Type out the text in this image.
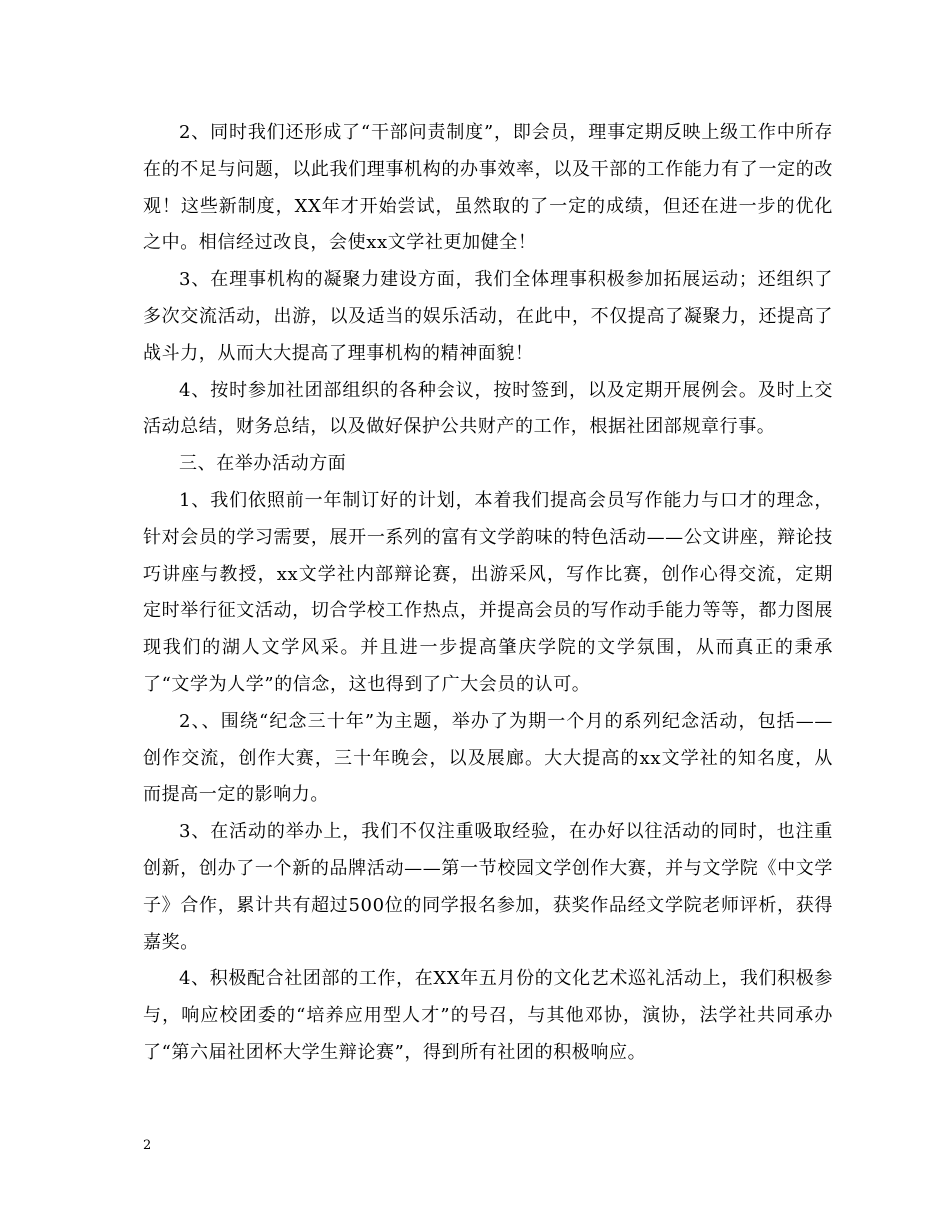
2、同时我们还形成了“干部问责制度”，即会员，理事定期反映上级工作中所存在的不足与问题，以此我们理事机构的办事效率，以及干部的工作能力有了一定的改观！这些新制度，XX年才开始尝试，虽然取的了一定的成绩，但还在进一步的优化之中。相信经过改良，会使xx文学社更加健全！

3、在理事机构的凝聚力建设方面，我们全体理事积极参加拓展运动；还组织了多次交流活动，出游，以及适当的娱乐活动，在此中，不仅提高了凝聚力，还提高了战斗力，从而大大提高了理事机构的精神面貌！

4、按时参加社团部组织的各种会议，按时签到，以及定期开展例会。及时上交活动总结，财务总结，以及做好保护公共财产的工作，根据社团部规章行事。

三、在举办活动方面

1、我们依照前一年制订好的计划，本着我们提高会员写作能力与口才的理念，针对会员的学习需要，展开一系列的富有文学韵味的特色活动——公文讲座，辩论技巧讲座与教授，xx文学社内部辩论赛，出游采风，写作比赛，创作心得交流，定期定时举行征文活动，切合学校工作热点，并提高会员的写作动手能力等等，都力图展现我们的湖人文学风采。并且进一步提高肇庆学院的文学氛围，从而真正的秉承了“文学为人学”的信念，这也得到了广大会员的认可。

2、、围绕“纪念三十年”为主题，举办了为期一个月的系列纪念活动，包括——创作交流，创作大赛，三十年晚会，以及展廊。大大提高的xx文学社的知名度，从而提高一定的影响力。

3、在活动的举办上，我们不仅注重吸取经验，在办好以往活动的同时，也注重创新，创办了一个新的品牌活动——第一节校园文学创作大赛，并与文学院《中文学子》合作，累计共有超过500位的同学报名参加，获奖作品经文学院老师评析，获得嘉奖。

4、积极配合社团部的工作，在XX年五月份的文化艺术巡礼活动上，我们积极参与，响应校团委的“培养应用型人才”的号召，与其他邓协，演协，法学社共同承办了“第六届社团杯大学生辩论赛”，得到所有社团的积极响应。

2
